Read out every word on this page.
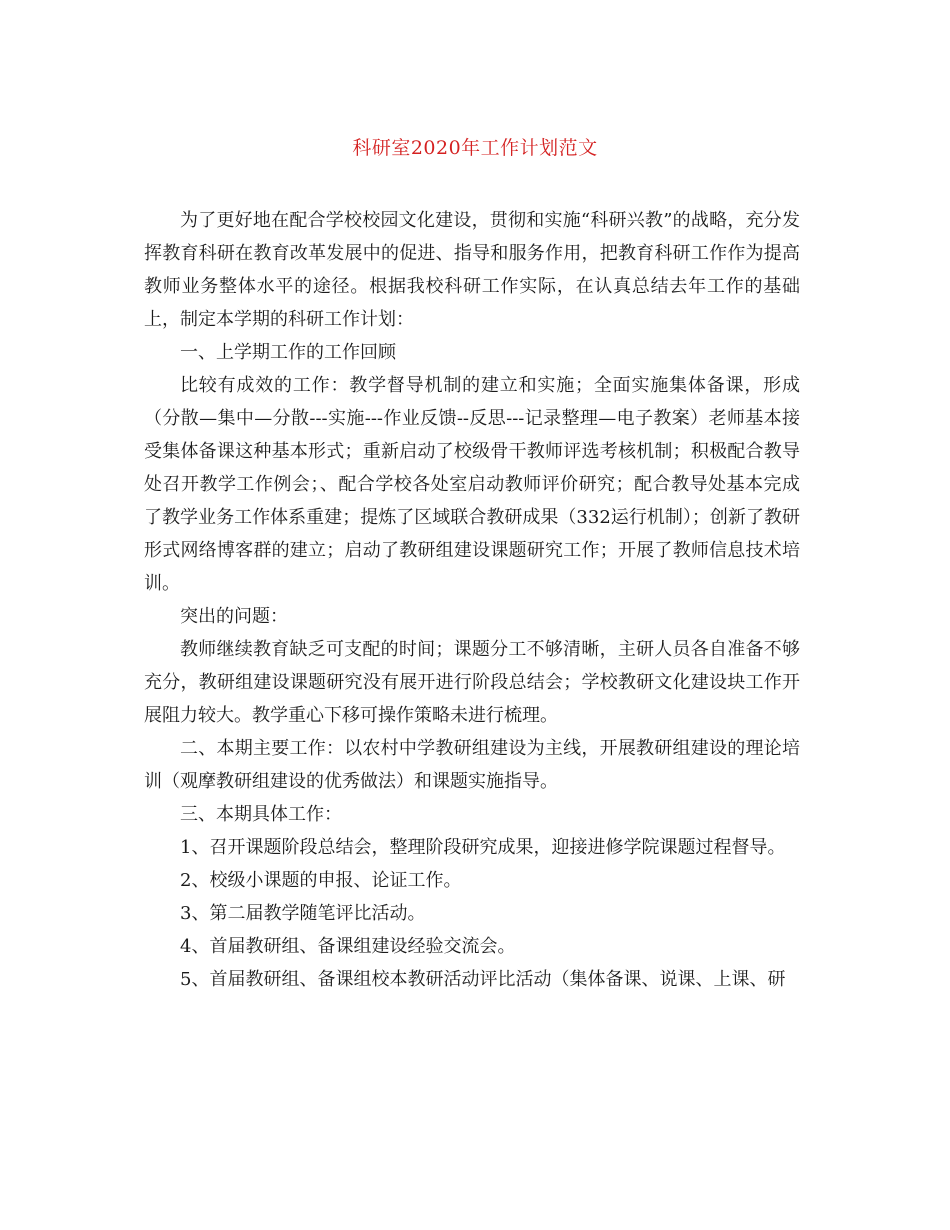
科研室2020年工作计划范文

为了更好地在配合学校校园文化建设，贯彻和实施“科研兴教”的战略，充分发挥教育科研在教育改革发展中的促进、指导和服务作用，把教育科研工作作为提高教师业务整体水平的途径。根据我校科研工作实际，在认真总结去年工作的基础上，制定本学期的科研工作计划：

一、上学期工作的工作回顾

比较有成效的工作：教学督导机制的建立和实施；全面实施集体备课，形成（分散—集中—分散---实施---作业反馈--反思---记录整理—电子教案）老师基本接受集体备课这种基本形式；重新启动了校级骨干教师评选考核机制；积极配合教导处召开教学工作例会；、配合学校各处室启动教师评价研究；配合教导处基本完成了教学业务工作体系重建；提炼了区域联合教研成果（332运行机制）；创新了教研形式网络博客群的建立；启动了教研组建设课题研究工作；开展了教师信息技术培训。

突出的问题：

教师继续教育缺乏可支配的时间；课题分工不够清晰，主研人员各自准备不够充分，教研组建设课题研究没有展开进行阶段总结会；学校教研文化建设块工作开展阻力较大。教学重心下移可操作策略未进行梳理。

二、本期主要工作：以农村中学教研组建设为主线，开展教研组建设的理论培训（观摩教研组建设的优秀做法）和课题实施指导。

三、本期具体工作：

1、召开课题阶段总结会，整理阶段研究成果，迎接进修学院课题过程督导。

2、校级小课题的申报、论证工作。

3、第二届教学随笔评比活动。

4、首届教研组、备课组建设经验交流会。

5、首届教研组、备课组校本教研活动评比活动（集体备课、说课、上课、研
